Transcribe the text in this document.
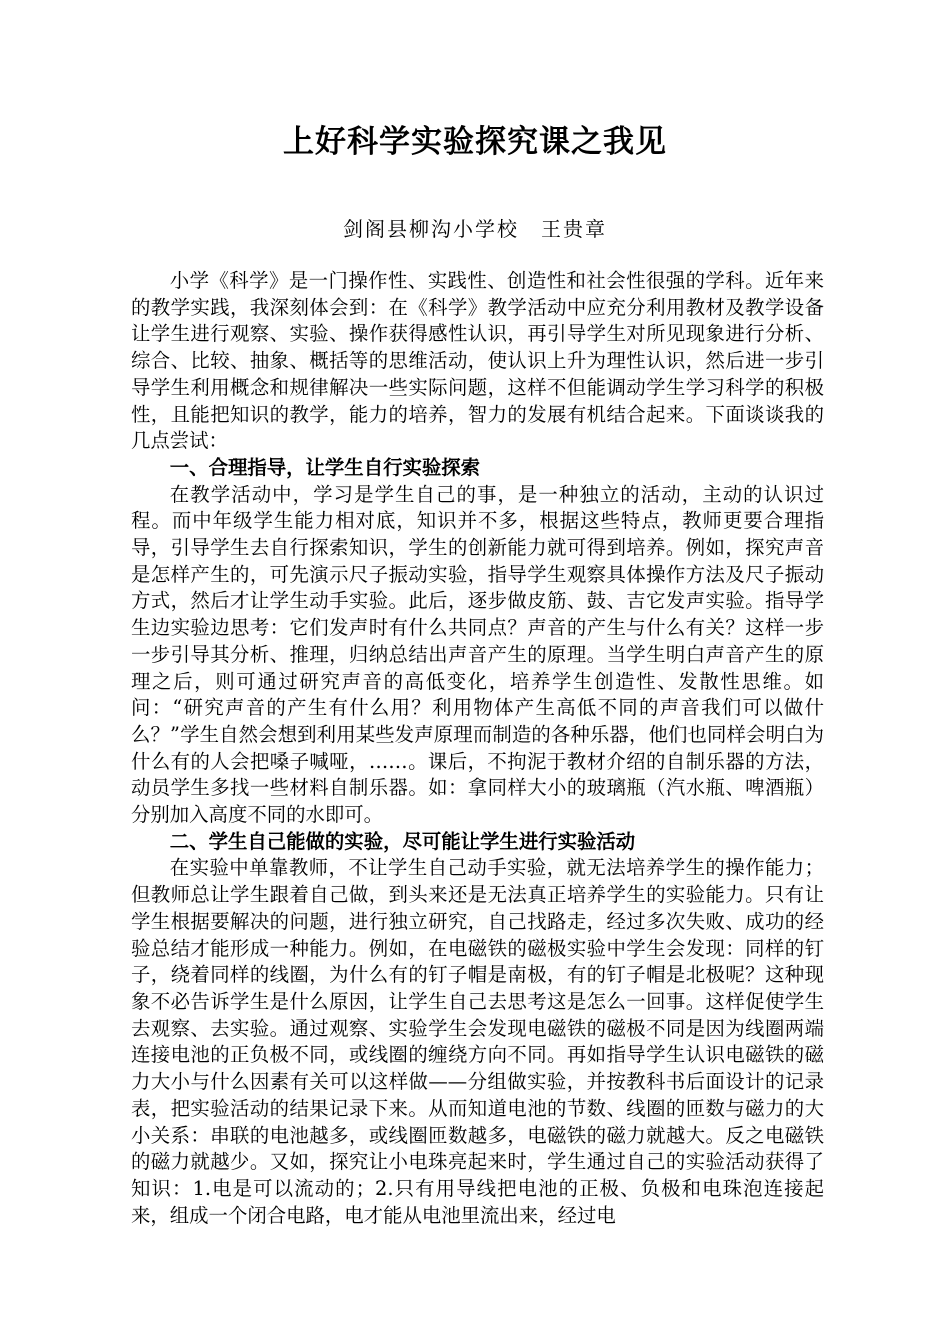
上好科学实验探究课之我见
剑阁县柳沟小学校　王贵章

小学《科学》是一门操作性、实践性、创造性和社会性很强的学科。近年来的教学实践，我深刻体会到：在《科学》教学活动中应充分利用教材及教学设备让学生进行观察、实验、操作获得感性认识，再引导学生对所见现象进行分析、综合、比较、抽象、概括等的思维活动，使认识上升为理性认识，然后进一步引导学生利用概念和规律解决一些实际问题，这样不但能调动学生学习科学的积极性，且能把知识的教学，能力的培养，智力的发展有机结合起来。下面谈谈我的几点尝试：

一、合理指导，让学生自行实验探索

在教学活动中，学习是学生自己的事，是一种独立的活动，主动的认识过程。而中年级学生能力相对底，知识并不多，根据这些特点，教师更要合理指导，引导学生去自行探索知识，学生的创新能力就可得到培养。例如，探究声音是怎样产生的，可先演示尺子振动实验，指导学生观察具体操作方法及尺子振动方式，然后才让学生动手实验。此后，逐步做皮筋、鼓、吉它发声实验。指导学生边实验边思考：它们发声时有什么共同点？声音的产生与什么有关？这样一步一步引导其分析、推理，归纳总结出声音产生的原理。当学生明白声音产生的原理之后，则可通过研究声音的高低变化，培养学生创造性、发散性思维。如问：“研究声音的产生有什么用？利用物体产生高低不同的声音我们可以做什么？”学生自然会想到利用某些发声原理而制造的各种乐器，他们也同样会明白为什么有的人会把嗓子喊哑，……。课后，不拘泥于教材介绍的自制乐器的方法，动员学生多找一些材料自制乐器。如：拿同样大小的玻璃瓶（汽水瓶、啤酒瓶）分别加入高度不同的水即可。

二、学生自己能做的实验，尽可能让学生进行实验活动

在实验中单靠教师，不让学生自己动手实验，就无法培养学生的操作能力；但教师总让学生跟着自己做，到头来还是无法真正培养学生的实验能力。只有让学生根据要解决的问题，进行独立研究，自己找路走，经过多次失败、成功的经验总结才能形成一种能力。例如，在电磁铁的磁极实验中学生会发现：同样的钉子，绕着同样的线圈，为什么有的钉子帽是南极，有的钉子帽是北极呢？这种现象不必告诉学生是什么原因，让学生自己去思考这是怎么一回事。这样促使学生去观察、去实验。通过观察、实验学生会发现电磁铁的磁极不同是因为线圈两端连接电池的正负极不同，或线圈的缠绕方向不同。再如指导学生认识电磁铁的磁力大小与什么因素有关可以这样做——分组做实验，并按教科书后面设计的记录表，把实验活动的结果记录下来。从而知道电池的节数、线圈的匝数与磁力的大小关系：串联的电池越多，或线圈匝数越多，电磁铁的磁力就越大。反之电磁铁的磁力就越少。又如，探究让小电珠亮起来时，学生通过自己的实验活动获得了知识：1.电是可以流动的；2.只有用导线把电池的正极、负极和电珠泡连接起来，组成一个闭合电路，电才能从电池里流出来，经过电
